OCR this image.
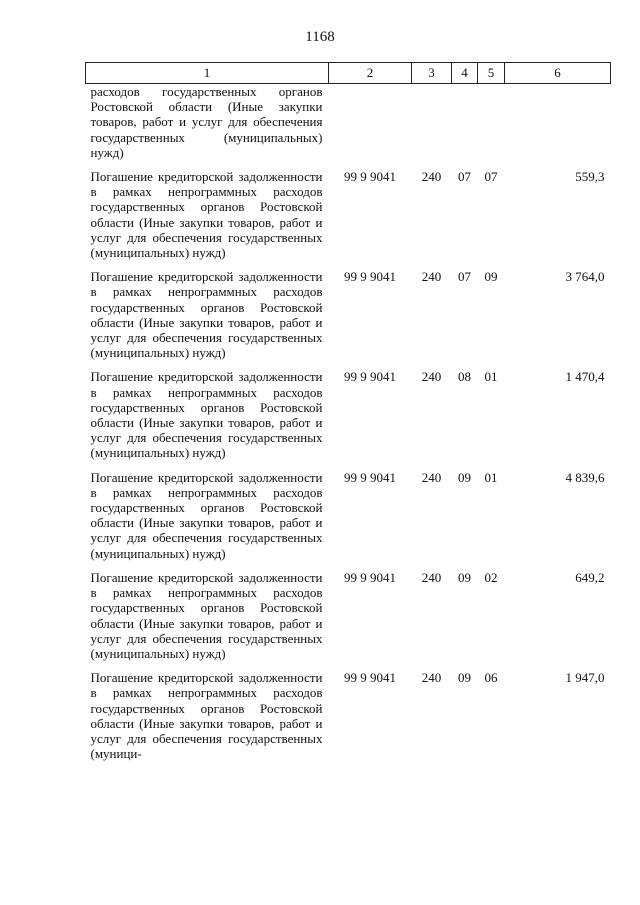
1168
1	2	3	4	5	6
расходов государственных органов Ростовской области (Иные закупки товаров, работ и услуг для обеспечения государственных (муниципальных) нужд)					
Погашение кредиторской задолженности в рамках непрограммных расходов государственных органов Ростовской области (Иные закупки товаров, работ и услуг для обеспечения государственных (муниципальных) нужд)	99 9 9041	240	07	07	559,3
Погашение кредиторской задолженности в рамках непрограммных расходов государственных органов Ростовской области (Иные закупки товаров, работ и услуг для обеспечения государственных (муниципальных) нужд)	99 9 9041	240	07	09	3 764,0
Погашение кредиторской задолженности в рамках непрограммных расходов государственных органов Ростовской области (Иные закупки товаров, работ и услуг для обеспечения государственных (муниципальных) нужд)	99 9 9041	240	08	01	1 470,4
Погашение кредиторской задолженности в рамках непрограммных расходов государственных органов Ростовской области (Иные закупки товаров, работ и услуг для обеспечения государственных (муниципальных) нужд)	99 9 9041	240	09	01	4 839,6
Погашение кредиторской задолженности в рамках непрограммных расходов государственных органов Ростовской области (Иные закупки товаров, работ и услуг для обеспечения государственных (муниципальных) нужд)	99 9 9041	240	09	02	649,2
Погашение кредиторской задолженности в рамках непрограммных расходов государственных органов Ростовской области (Иные закупки товаров, работ и услуг для обеспечения государственных (муници-	99 9 9041	240	09	06	1 947,0
